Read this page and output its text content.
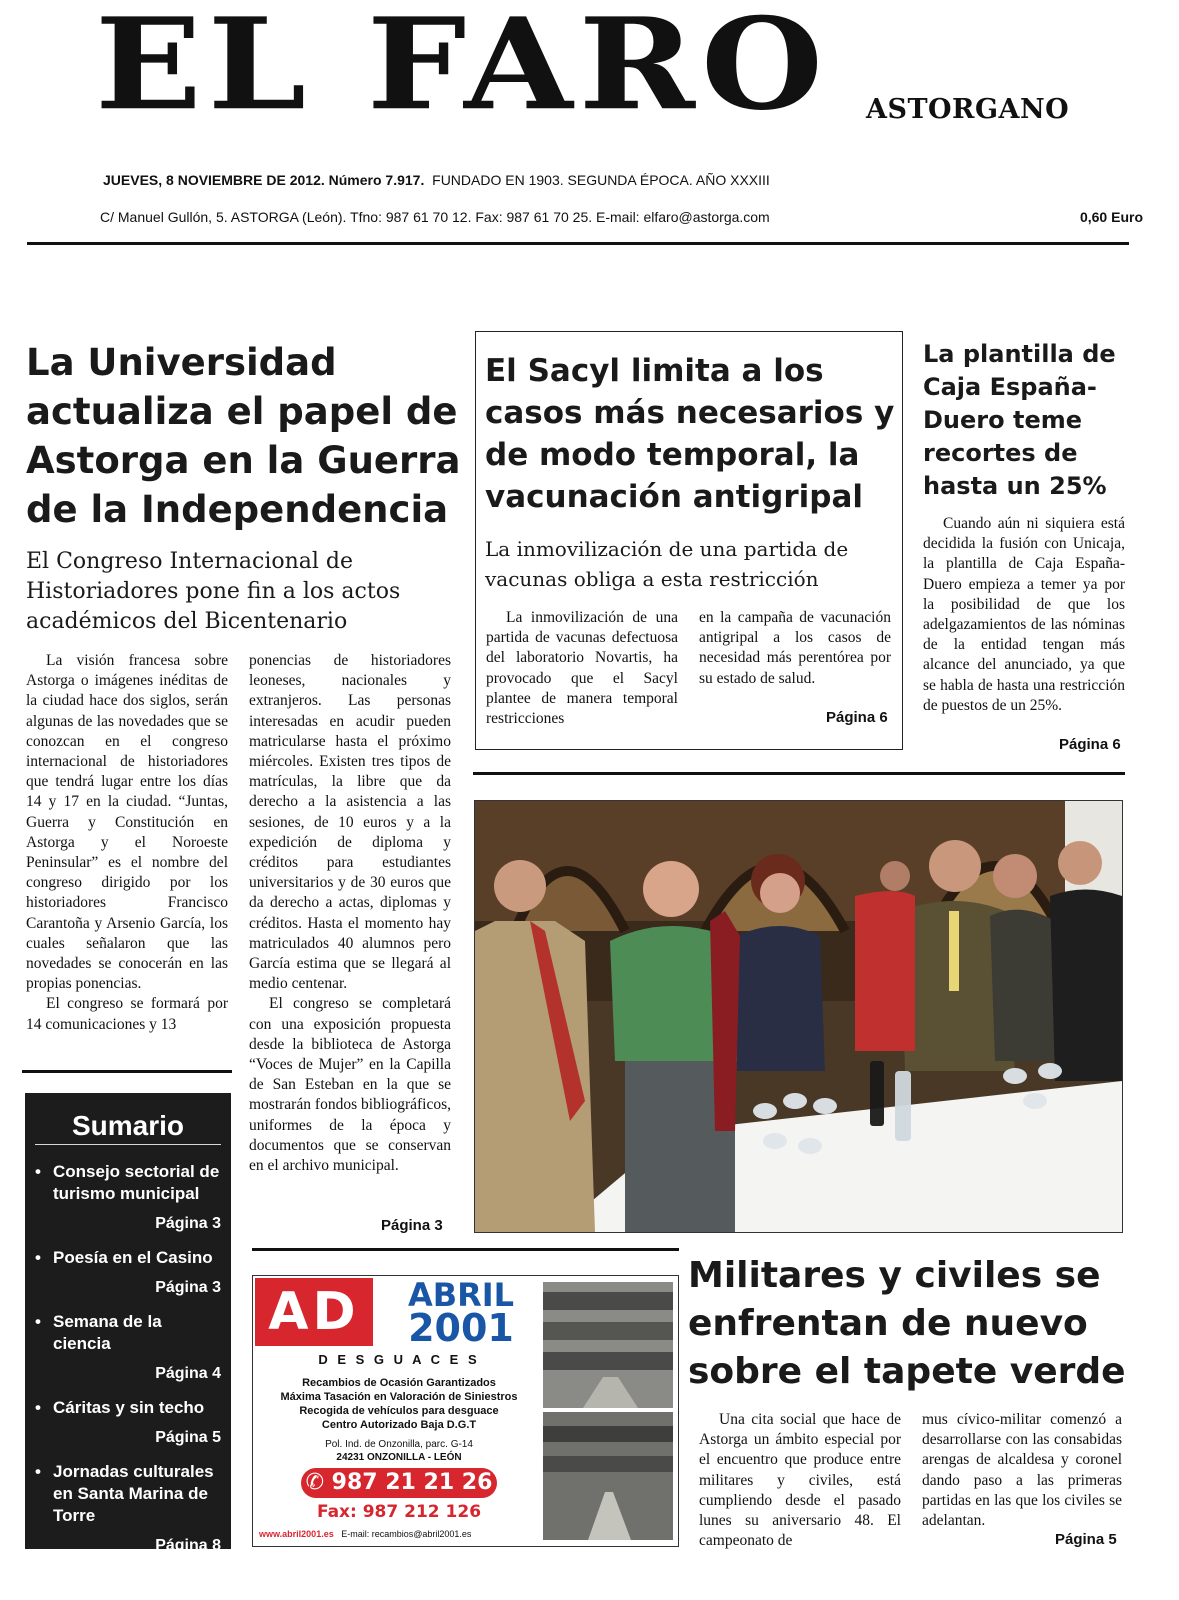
EL FARO ASTORGANO
JUEVES, 8 NOVIEMBRE DE 2012. Número 7.917. FUNDADO EN 1903. SEGUNDA ÉPOCA. AÑO XXXIII
C/ Manuel Gullón, 5. ASTORGA (León). Tfno: 987 61 70 12. Fax: 987 61 70 25. E-mail: elfaro@astorga.com	0,60 Euro
La Universidad actualiza el papel de Astorga en la Guerra de la Independencia
El Congreso Internacional de Historiadores pone fin a los actos académicos del Bicentenario

La visión francesa sobre Astorga o imágenes inéditas de la ciudad hace dos siglos, serán algunas de las novedades que se conozcan en el congreso internacional de historiadores que tendrá lugar entre los días 14 y 17 en la ciudad. “Juntas, Guerra y Constitución en Astorga y el Noroeste Peninsular” es el nombre del congreso dirigido por los historiadores Francisco Carantoña y Arsenio García, los cuales señalaron que las novedades se conocerán en las propias ponencias.

El congreso se formará por 14 comunicaciones y 13

ponencias de historiadores leoneses, nacionales y extranjeros. Las personas interesadas en acudir pueden matricularse hasta el próximo miércoles. Existen tres tipos de matrículas, la libre que da derecho a la asistencia a las sesiones, de 10 euros y a la expedición de diploma y créditos para estudiantes universitarios y de 30 euros que da derecho a actas, diplomas y créditos. Hasta el momento hay matriculados 40 alumnos pero García estima que se llegará al medio centenar.

El congreso se completará con una exposición propuesta desde la biblioteca de Astorga “Voces de Mujer” en la Capilla de San Esteban en la que se mostrarán fondos bibliográficos, uniformes de la época y documentos que se conservan en el archivo municipal.

Página 3
Sumario
• Consejo sectorial de turismo municipal
Página 3
• Poesía en el Casino
Página 3
• Semana de la ciencia
Página 4
• Cáritas y sin techo
Página 5
• Jornadas culturales en Santa Marina de Torre
Página 8
El Sacyl limita a los casos más necesarios y de modo temporal, la vacunación antigripal
La inmovilización de una partida de vacunas obliga a esta restricción

La inmovilización de una partida de vacunas defectuosa del laboratorio Novartis, ha provocado que el Sacyl plantee de manera temporal restricciones

en la campaña de vacunación antigripal a los casos de necesidad más perentórea por su estado de salud.

Página 6
La plantilla de Caja España-Duero teme recortes de hasta un 25%

Cuando aún ni siquiera está decidida la fusión con Unicaja, la plantilla de Caja España-Duero empieza a temer ya por la posibilidad de que los adelgazamientos de las nóminas de la entidad tengan más alcance del anunciado, ya que se habla de hasta una restricción de puestos de un 25%.

Página 6
Militares y civiles se enfrentan de nuevo sobre el tapete verde

Una cita social que hace de Astorga un ámbito especial por el encuentro que produce entre militares y civiles, está cumpliendo desde el pasado lunes su aniversario 48. El campeonato de

mus cívico-militar comenzó a desarrollarse con las consabidas arengas de alcaldesa y coronel dando paso a las primeras partidas en las que los civiles se adelantan.

Página 5
AD	ABRIL
2001
D E S G U A C E S
Recambios de Ocasión Garantizados
Máxima Tasación en Valoración de Siniestros
Recogida de vehículos para desguace
Centro Autorizado Baja D.G.T
Pol. Ind. de Onzonilla, parc. G-14
24231 ONZONILLA - LEÓN
✆ 987 21 21 26
Fax: 987 212 126
www.abril2001.es E-mail: recambios@abril2001.es
